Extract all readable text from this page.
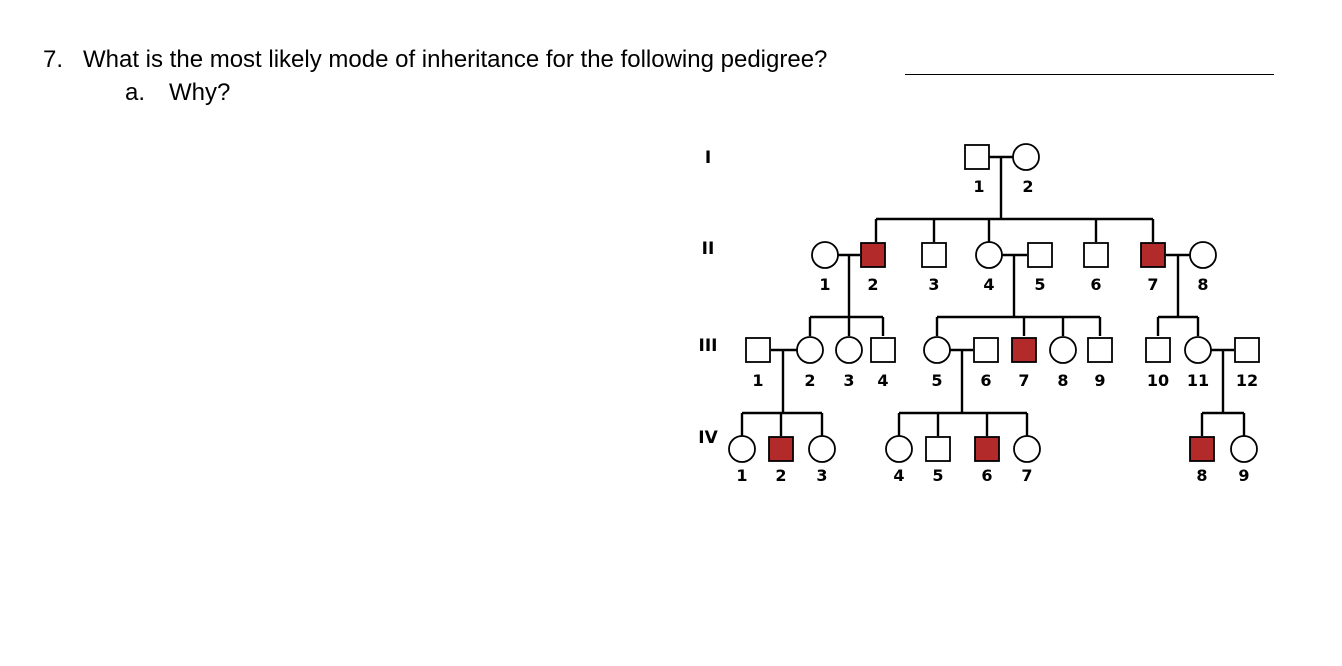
7. What is the most likely mode of inheritance for the following pedigree?
a. Why?
I
II
III
IV
1 2
1 2	3	4 5	6	7 8
1	2 3 4	5 6 7 8 9	10 11 12
1 2 3	4 5 6 7	8 9
